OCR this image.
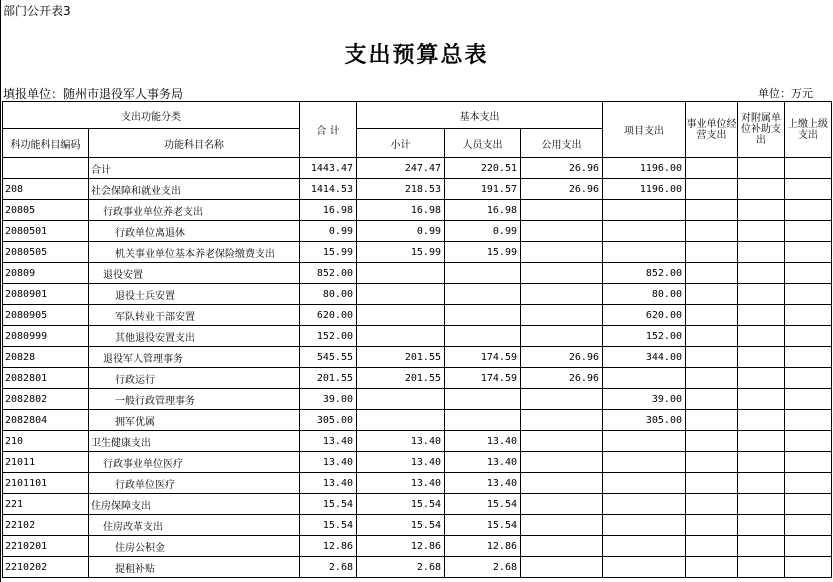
部门公开表3
支出预算总表
填报单位：随州市退役军人事务局	单位：万元
支出功能分类		合 计	基本支出			项目支出	事业单位经营支出	对附属单位补助支出	上缴上级支出
科功能科目编码	功能科目名称		小计	人员支出	公用支出				
	合计	1443.47	247.47	220.51	26.96	1196.00			
208	社会保障和就业支出	1414.53	218.53	191.57	26.96	1196.00			
20805	行政事业单位养老支出	16.98	16.98	16.98					
2080501	行政单位离退休	0.99	0.99	0.99					
2080505	机关事业单位基本养老保险缴费支出	15.99	15.99	15.99					
20809	退役安置	852.00				852.00			
2080901	退役士兵安置	80.00				80.00			
2080905	军队转业干部安置	620.00				620.00			
2080999	其他退役安置支出	152.00				152.00			
20828	退役军人管理事务	545.55	201.55	174.59	26.96	344.00			
2082801	行政运行	201.55	201.55	174.59	26.96				
2082802	一般行政管理事务	39.00				39.00			
2082804	拥军优属	305.00				305.00			
210	卫生健康支出	13.40	13.40	13.40					
21011	行政事业单位医疗	13.40	13.40	13.40					
2101101	行政单位医疗	13.40	13.40	13.40					
221	住房保障支出	15.54	15.54	15.54					
22102	住房改革支出	15.54	15.54	15.54					
2210201	住房公积金	12.86	12.86	12.86					
2210202	提租补贴	2.68	2.68	2.68					
